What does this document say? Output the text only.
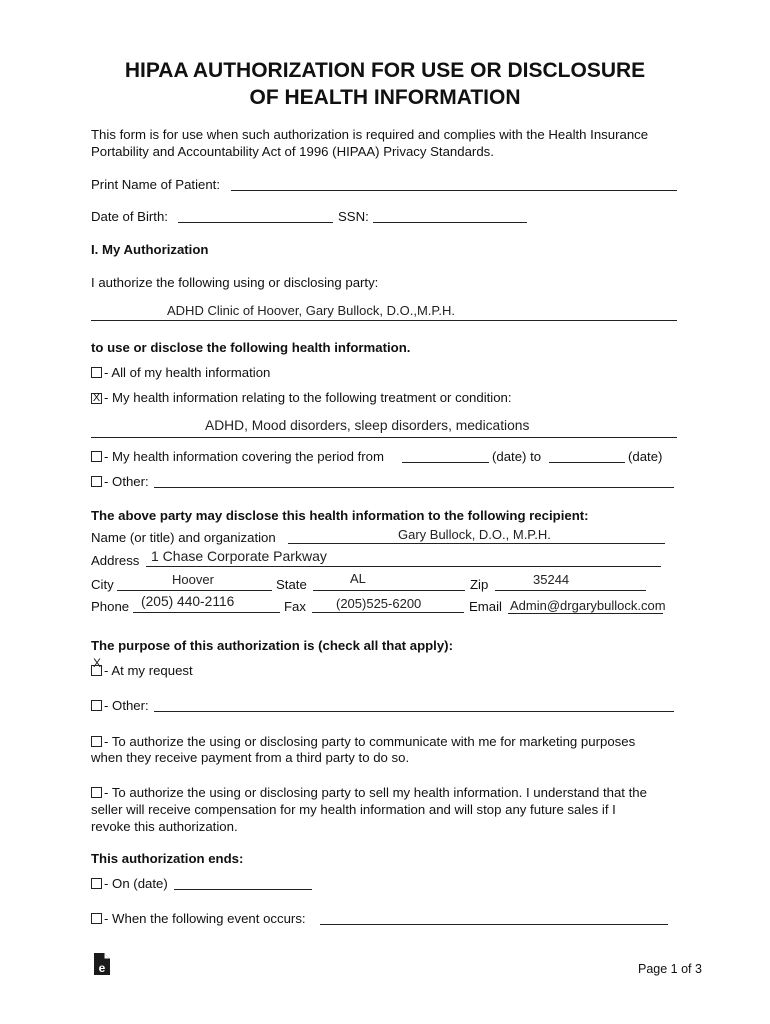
HIPAA AUTHORIZATION FOR USE OR DISCLOSURE
OF HEALTH INFORMATION
This form is for use when such authorization is required and complies with the Health Insurance
Portability and Accountability Act of 1996 (HIPAA) Privacy Standards.
Print Name of Patient:
Date of Birth:	SSN:
I. My Authorization
I authorize the following using or disclosing party:
ADHD Clinic of Hoover, Gary Bullock, D.O.,M.P.H.
to use or disclose the following health information.
- All of my health information
X - My health information relating to the following treatment or condition:
ADHD, Mood disorders, sleep disorders, medications
- My health information covering the period from	(date) to	(date)
- Other:
The above party may disclose this health information to the following recipient:
Name (or title) and organization	Gary Bullock, D.O., M.P.H.
Address 1 Chase Corporate Parkway
City	Hoover	State	AL	Zip	35244
Phone (205) 440-2116	Fax (205)525-6200	Email Admin@drgarybullock.com
The purpose of this authorization is (check all that apply):
X - At my request
- Other:
- To authorize the using or disclosing party to communicate with me for marketing purposes
when they receive payment from a third party to do so.
- To authorize the using or disclosing party to sell my health information. I understand that the
seller will receive compensation for my health information and will stop any future sales if I
revoke this authorization.
This authorization ends:
- On (date)
- When the following event occurs:
e	Page 1 of 3
